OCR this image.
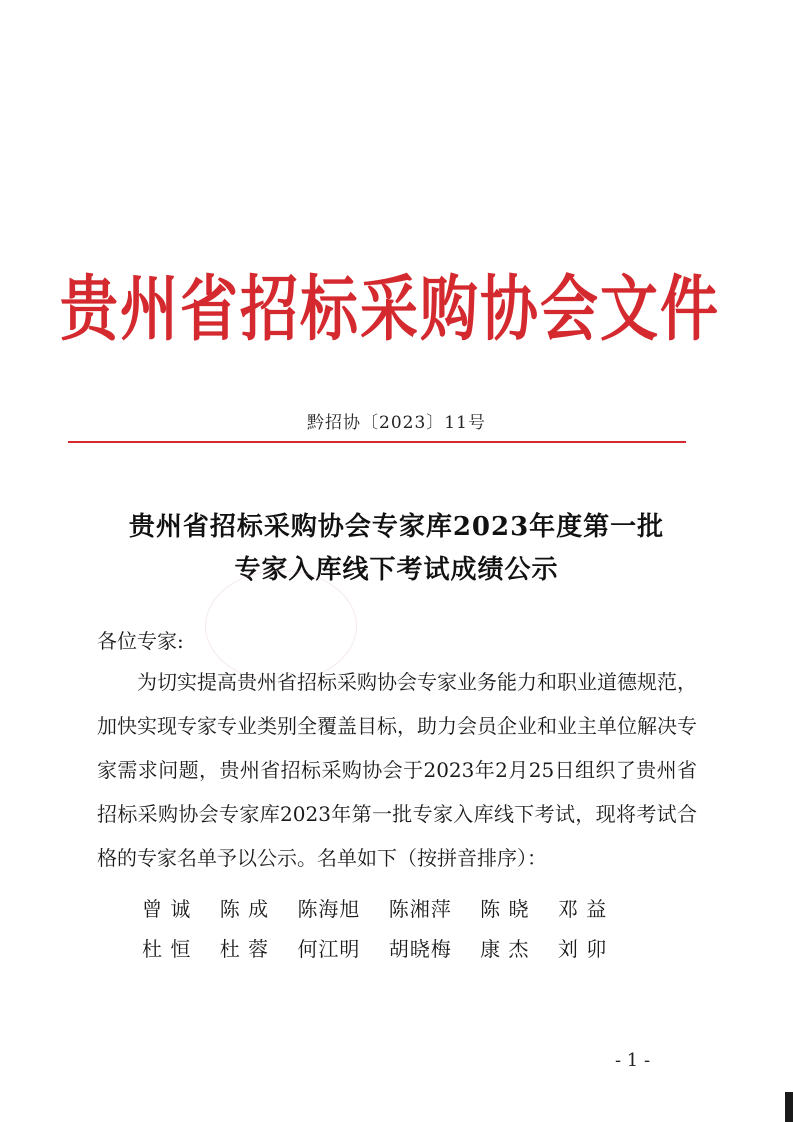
贵州省招标采购协会文件
黔招协〔2023〕11号
贵州省招标采购协会专家库2023年度第一批
专家入库线下考试成绩公示
各位专家:
为切实提高贵州省招标采购协会专家业务能力和职业道德规范，加快实现专家专业类别全覆盖目标，助力会员企业和业主单位解决专家需求问题，贵州省招标采购协会于2023年2月25日组织了贵州省招标采购协会专家库2023年第一批专家入库线下考试，现将考试合格的专家名单予以公示。名单如下（按拼音排序）：
曾 诚 陈 成 陈海旭 陈湘萍 陈 晓 邓 益
杜 恒 杜 蓉 何江明 胡晓梅 康 杰 刘 卯
- 1 -
